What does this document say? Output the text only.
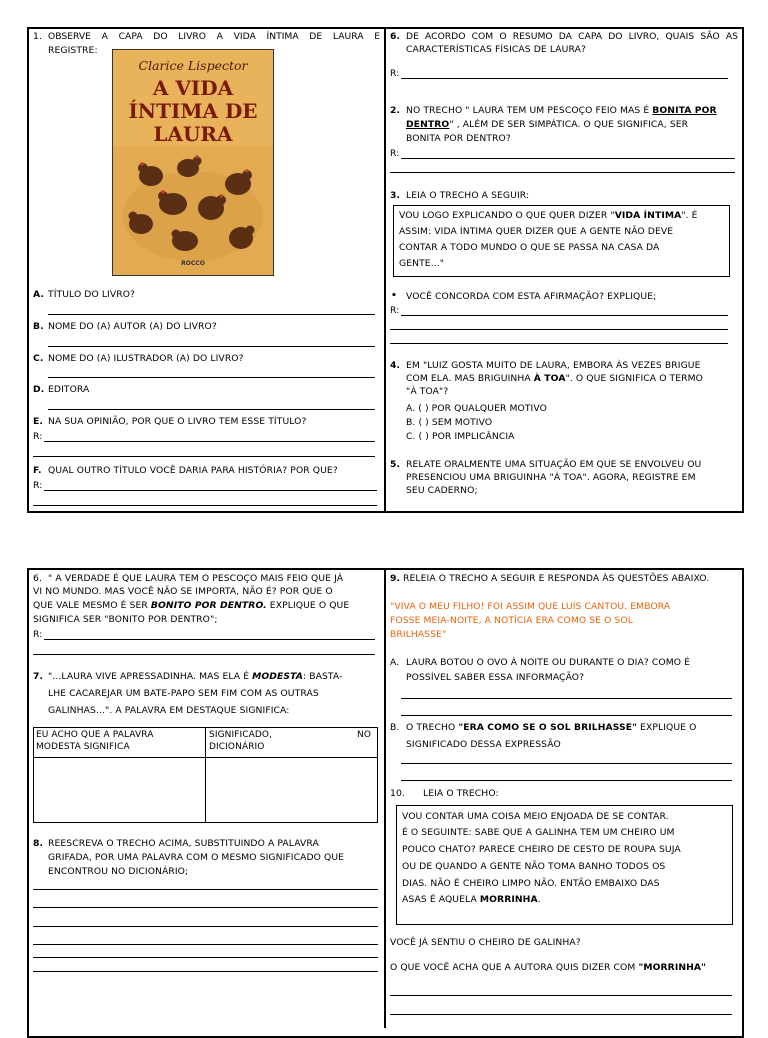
1. OBSERVE A CAPA DO LIVRO A VIDA ÍNTIMA DE LAURA E
REGISTRE:
Clarice Lispector
A VIDA
ÍNTIMA DE
LAURA
ROCCO
A. TÍTULO DO LIVRO?
B. NOME DO (A) AUTOR (A) DO LIVRO?
C. NOME DO (A) ILUSTRADOR (A) DO LIVRO?
D. EDITORA
E. NA SUA OPINIÃO, POR QUE O LIVRO TEM ESSE TÍTULO?
R:
F. QUAL OUTRO TÍTULO VOCÊ DARIA PARA HISTÓRIA? POR QUE?
R:
6. DE ACORDO COM O RESUMO DA CAPA DO LIVRO, QUAIS SÃO AS
CARACTERÍSTICAS FÍSICAS DE LAURA?
R:
2. NO TRECHO " LAURA TEM UM PESCOÇO FEIO MAS É BONITA POR
DENTRO" , ALÉM DE SER SIMPÁTICA. O QUE SIGNIFICA, SER
BONITA POR DENTRO?
R:
3. LEIA O TRECHO A SEGUIR:
VOU LOGO EXPLICANDO O QUE QUER DIZER "VIDA ÍNTIMA". É
ASSIM: VIDA ÍNTIMA QUER DIZER QUE A GENTE NÃO DEVE
CONTAR A TODO MUNDO O QUE SE PASSA NA CASA DA
GENTE..."
• VOCÊ CONCORDA COM ESTA AFIRMAÇÃO? EXPLIQUE;
R:
4. EM "LUIZ GOSTA MUITO DE LAURA, EMBORA ÀS VEZES BRIGUE
COM ELA. MAS BRIGUINHA À TOA". O QUE SIGNIFICA O TERMO
"À TOA"?
A. ( ) POR QUALQUER MOTIVO
B. ( ) SEM MOTIVO
C. ( ) POR IMPLICÂNCIA
5. RELATE ORALMENTE UMA SITUAÇÃO EM QUE SE ENVOLVEU OU
PRESENCIOU UMA BRIGUINHA "À TOA". AGORA, REGISTRE EM
SEU CADERNO;
6. " A VERDADE É QUE LAURA TEM O PESCOÇO MAIS FEIO QUE JÁ
VI NO MUNDO. MAS VOCÊ NÃO SE IMPORTA, NÃO É? POR QUE O
QUE VALE MESMO É SER BONITO POR DENTRO. EXPLIQUE O QUE
SIGNIFICA SER "BONITO POR DENTRO";
R:
7. "...LAURA VIVE APRESSADINHA. MAS ELA É MODESTA: BASTA-
LHE CACAREJAR UM BATE-PAPO SEM FIM COM AS OUTRAS
GALINHAS...". A PALAVRA EM DESTAQUE SIGNIFICA:
EU ACHO QUE A PALAVRA
MODESTA SIGNIFICA
SIGNIFICADO,	NO
DICIONÁRIO
8. REESCREVA O TRECHO ACIMA, SUBSTITUINDO A PALAVRA
GRIFADA, POR UMA PALAVRA COM O MESMO SIGNIFICADO QUE
ENCONTROU NO DICIONÁRIO;
9. RELEIA O TRECHO A SEGUIR E RESPONDA ÀS QUESTÕES ABAIXO.
"VIVA O MEU FILHO! FOI ASSIM QUE LUÍS CANTOU. EMBORA
FOSSE MEIA-NOITE, A NOTÍCIA ERA COMO SE O SOL
BRILHASSE"
A. LAURA BOTOU O OVO À NOITE OU DURANTE O DIA? COMO É
POSSÍVEL SABER ESSA INFORMAÇÃO?
B. O TRECHO "ERA COMO SE O SOL BRILHASSE" EXPLIQUE O
SIGNIFICADO DESSA EXPRESSÃO
10. LEIA O TRECHO:
VOU CONTAR UMA COISA MEIO ENJOADA DE SE CONTAR.
É O SEGUINTE: SABE QUE A GALINHA TEM UM CHEIRO UM
POUCO CHATO? PARECE CHEIRO DE CESTO DE ROUPA SUJA
OU DE QUANDO A GENTE NÃO TOMA BANHO TODOS OS
DIAS. NÃO É CHEIRO LIMPO NÃO. ENTÃO EMBAIXO DAS
ASAS É AQUELA MORRINHA.
VOCÊ JÁ SENTIU O CHEIRO DE GALINHA?
O QUE VOCÊ ACHA QUE A AUTORA QUIS DIZER COM "MORRINHA"
